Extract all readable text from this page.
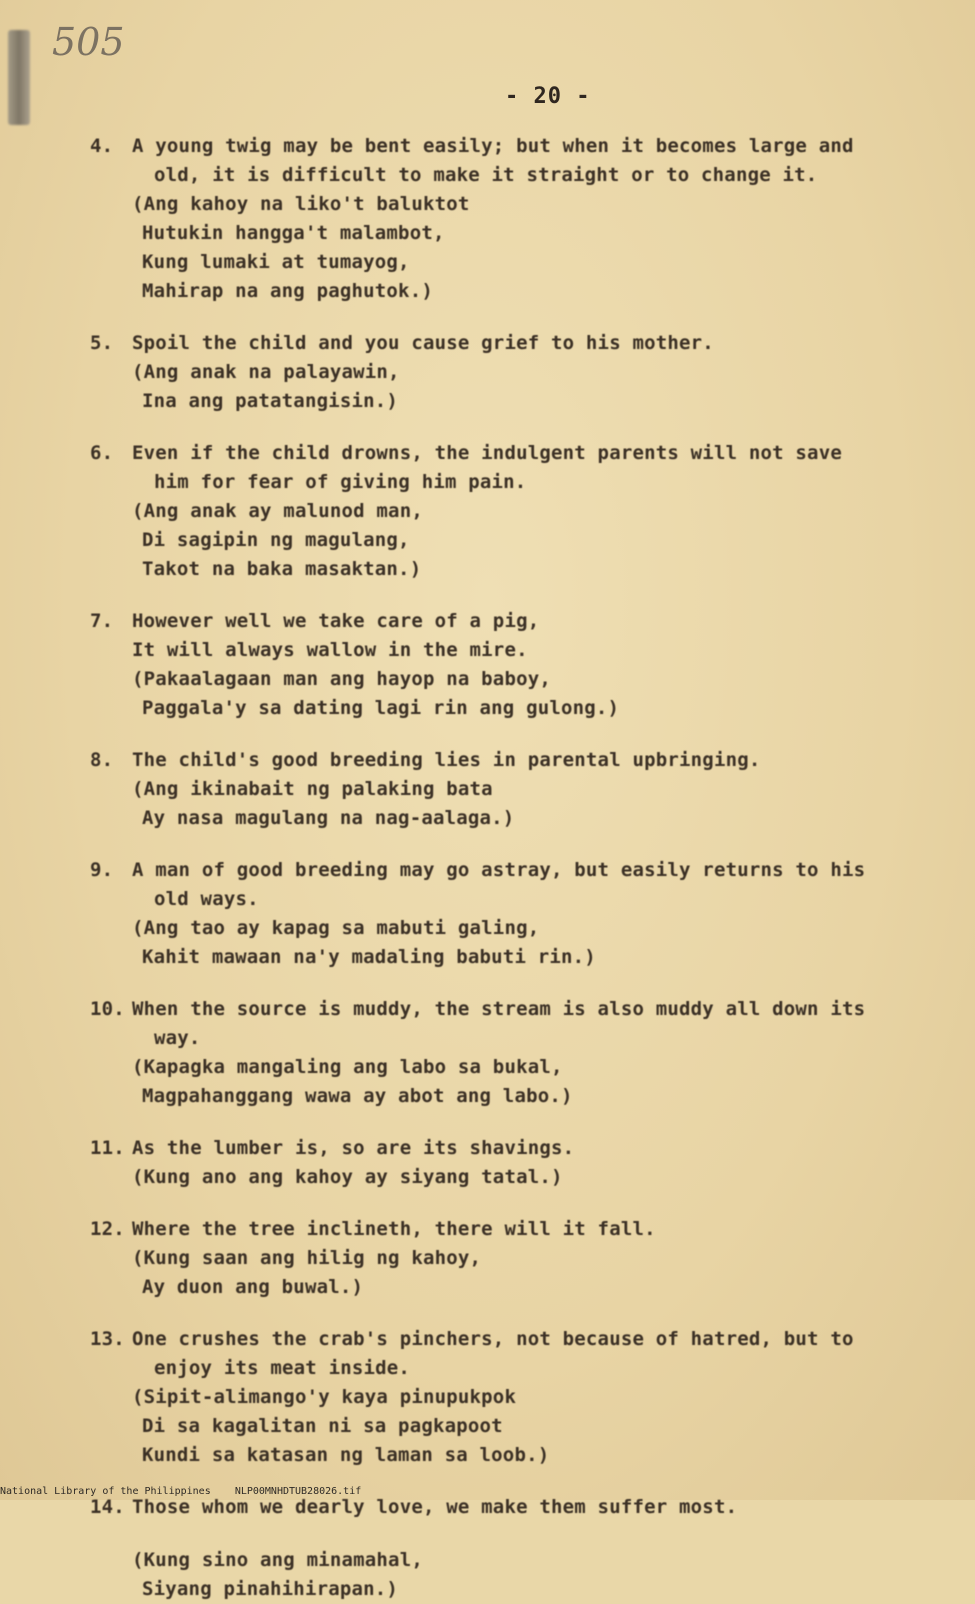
505
- 20 -
4. A young twig may be bent easily; but when it becomes large and
old, it is difficult to make it straight or to change it.
(Ang kahoy na liko't baluktot
Hutukin hangga't malambot,
Kung lumaki at tumayog,
Mahirap na ang paghutok.)
5. Spoil the child and you cause grief to his mother.
(Ang anak na palayawin,
Ina ang patatangisin.)
6. Even if the child drowns, the indulgent parents will not save
him for fear of giving him pain.
(Ang anak ay malunod man,
Di sagipin ng magulang,
Takot na baka masaktan.)
7. However well we take care of a pig,
It will always wallow in the mire.
(Pakaalagaan man ang hayop na baboy,
Paggala'y sa dating lagi rin ang gulong.)
8. The child's good breeding lies in parental upbringing.
(Ang ikinabait ng palaking bata
Ay nasa magulang na nag-aalaga.)
9. A man of good breeding may go astray, but easily returns to his
old ways.
(Ang tao ay kapag sa mabuti galing,
Kahit mawaan na'y madaling babuti rin.)
10. When the source is muddy, the stream is also muddy all down its
way.
(Kapagka mangaling ang labo sa bukal,
Magpahanggang wawa ay abot ang labo.)
11. As the lumber is, so are its shavings.
(Kung ano ang kahoy ay siyang tatal.)
12. Where the tree inclineth, there will it fall.
(Kung saan ang hilig ng kahoy,
Ay duon ang buwal.)
13. One crushes the crab's pinchers, not because of hatred, but to
enjoy its meat inside.
(Sipit-alimango'y kaya pinupukpok
Di sa kagalitan ni sa pagkapoot
Kundi sa katasan ng laman sa loob.)
14. Those whom we dearly love, we make them suffer most.
(Kung sino ang minamahal,
Siyang pinahihirapan.)
National Library of the Philippines NLP00MNHDTUB28026.tif
